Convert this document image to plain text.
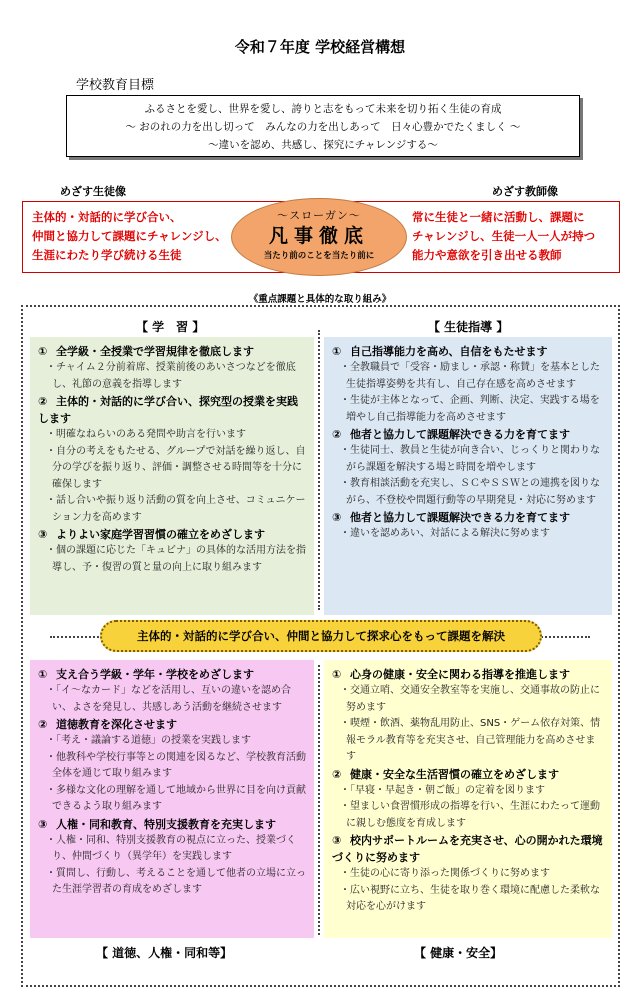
令和７年度 学校経営構想
学校教育目標
ふるさとを愛し、世界を愛し、誇りと志をもって未来を切り拓く生徒の育成
～ おのれの力を出し切って　みんなの力を出しあって　日々心豊かでたくましく ～
～違いを認め、共感し、探究にチャレンジする～
めざす生徒像	めざす教師像
主体的・対話的に学び合い、
仲間と協力して課題にチャレンジし、
生涯にわたり学び続ける生徒
常に生徒と一緒に活動し、課題に
チャレンジし、生徒一人一人が持つ
能力や意欲を引き出せる教師
～スローガン～
凡事徹底
当たり前のことを当たり前に
《重点課題と具体的な取り組み》
【 学　習 】	【 生徒指導 】
① 全学級・全授業で学習規律を徹底します
・チャイム２分前着席、授業前後のあいさつなどを徹底し、礼節の意義を指導します
② 主体的・対話的に学び合い、探究型の授業を実践します
・明確なねらいのある発問や助言を行います
・自分の考えをもたせる、グループで対話を繰り返し、自分の学びを振り返り、評価・調整させる時間等を十分に確保します
・話し合いや振り返り活動の質を向上させ、コミュニケーション力を高めます
③ よりよい家庭学習習慣の確立をめざします
・個の課題に応じた「キュビナ」の具体的な活用方法を指導し、予・復習の質と量の向上に取り組みます
① 自己指導能力を高め、自信をもたせます
・全教職員で「受容・励まし・承認・称賛」を基本とした生徒指導姿勢を共有し、自己存在感を高めさせます
・生徒が主体となって、企画、判断、決定、実践する場を増やし自己指導能力を高めさせます
② 他者と協力して課題解決できる力を育てます
・生徒同士、教員と生徒が向き合い、じっくりと関わりながら課題を解決する場と時間を増やします
・教育相談活動を充実し、ＳＣやＳＳＷとの連携を図りながら、不登校や問題行動等の早期発見・対応に努めます
③ 他者と協力して課題解決できる力を育てます
・違いを認めあい、対話による解決に努めます
主体的・対話的に学び合い、仲間と協力して探求心をもって課題を解決
① 支え合う学級・学年・学校をめざします
・「イ～なカード」などを活用し、互いの違いを認め合い、よさを発見し、共感しあう活動を継続させます
② 道徳教育を深化させます
・「考え・議論する道徳」の授業を実践します
・他教科や学校行事等との関連を図るなど、学校教育活動全体を通じて取り組みます
・多様な文化の理解を通して地域から世界に目を向け貢献できるよう取り組みます
③ 人権・同和教育、特別支援教育を充実します
・人権・同和、特別支援教育の視点に立った、授業づくり、仲間づくり（異学年）を実践します
・質問し、行動し、考えることを通して他者の立場に立った生涯学習者の育成をめざします
① 心身の健康・安全に関わる指導を推進します
・交通立哨、交通安全教室等を実施し、交通事故の防止に努めます
・喫煙・飲酒、薬物乱用防止、SNS・ゲーム依存対策、情報モラル教育等を充実させ、自己管理能力を高めさせます
② 健康・安全な生活習慣の確立をめざします
・「早寝・早起き・朝ご飯」の定着を図ります
・望ましい食習慣形成の指導を行い、生涯にわたって運動に親しむ態度を育成します
③ 校内サポートルームを充実させ、心の開かれた環境づくりに努めます
・生徒の心に寄り添った関係づくりに努めます
・広い視野に立ち、生徒を取り巻く環境に配慮した柔軟な対応を心がけます
【 道徳、人権・同和等】	【 健康・安全】
